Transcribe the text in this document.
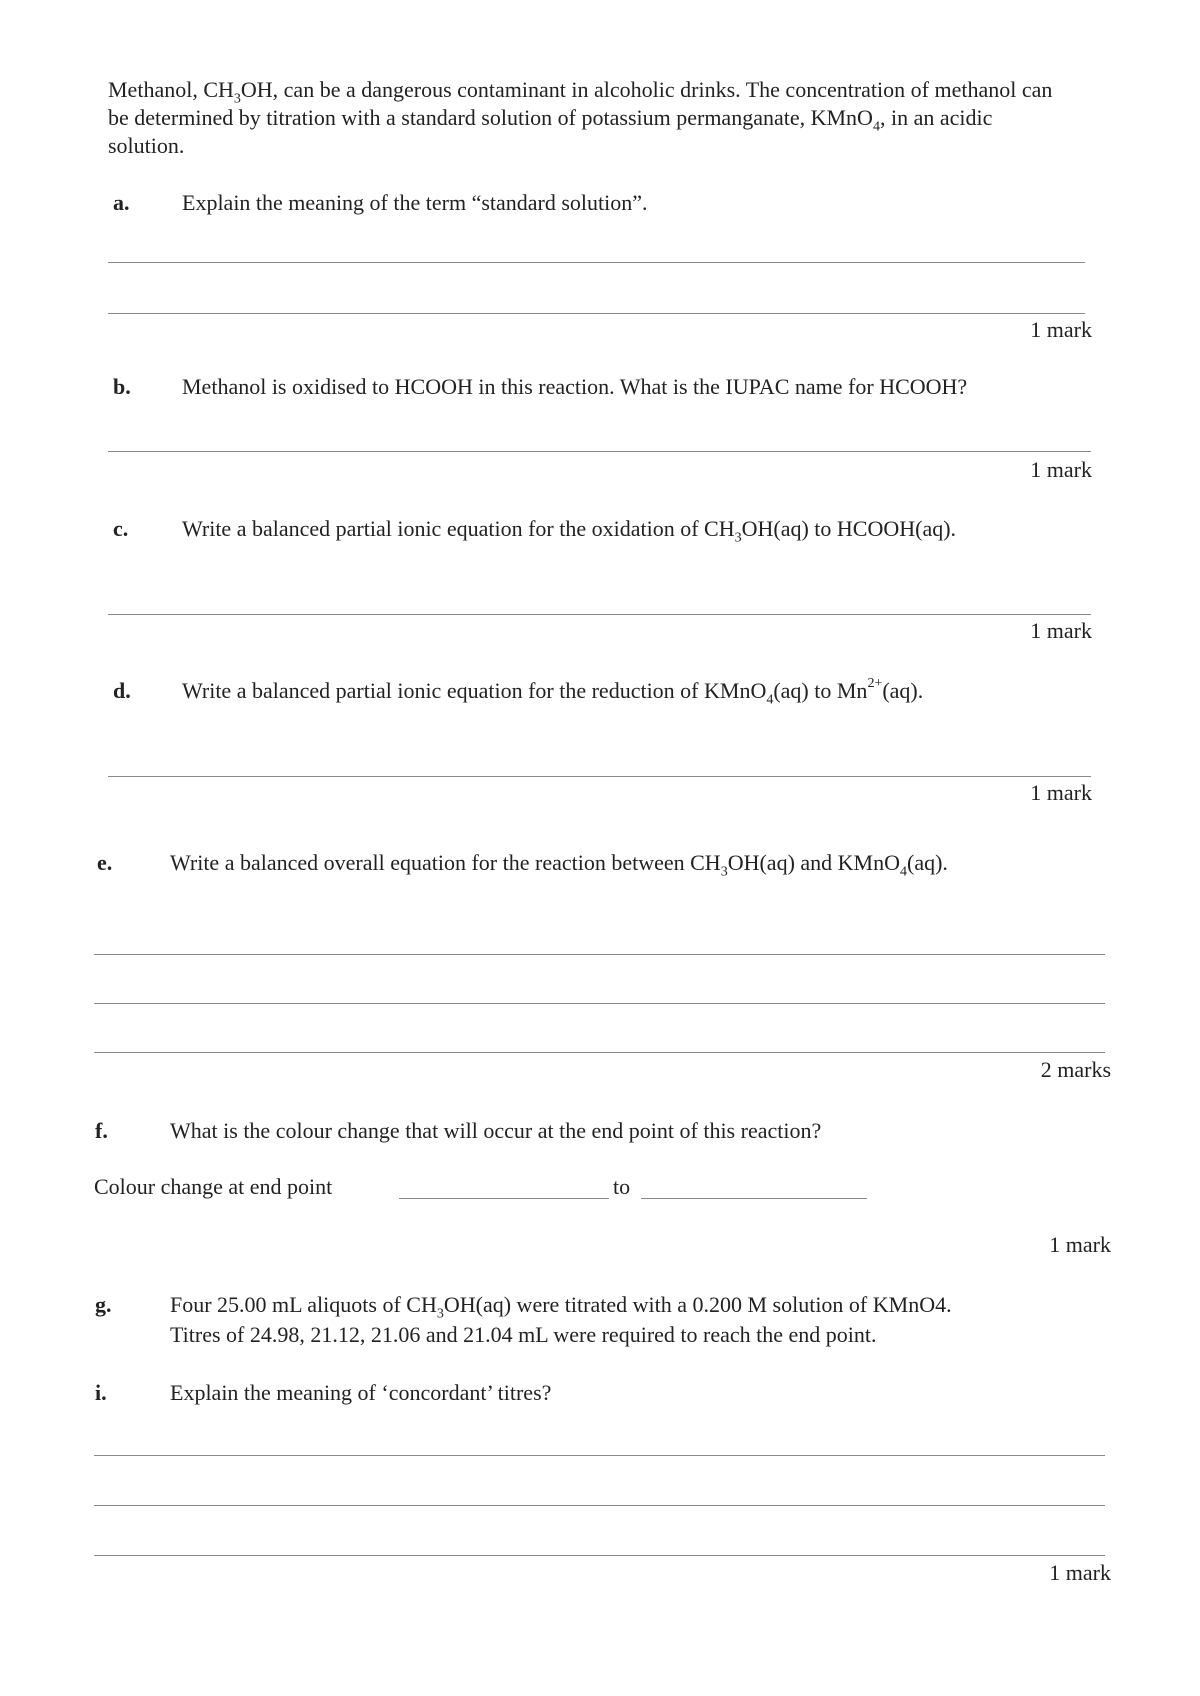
Methanol, $CH_3OH$, can be a dangerous contaminant in alcoholic drinks. The concentration of methanol can be determined by titration with a standard solution of potassium permanganate, KMnO$_4$, in an acidic solution.
a. Explain the meaning of the term “standard solution”.
1 mark
b. Methanol is oxidised to HCOOH in this reaction. What is the IUPAC name for HCOOH?
1 mark
c. Write a balanced partial ionic equation for the oxidation of $CH_3OH(aq)$ to HCOOH(aq).
1 mark
d. Write a balanced partial ionic equation for the reduction of KMnO$_4$(aq) to $Mn^{2+}(aq)$.
1 mark
e.	Write a balanced overall equation for the reaction between $CH_3OH(aq)$ and KMnO$_4$(aq).
2 marks
f.	What is the colour change that will occur at the end point of this reaction?
Colour change at end point	to
1 mark
g.	Four 25.00 mL aliquots of $CH_3OH(aq)$ were titrated with a 0.200 M solution of KMnO4.
Titres of 24.98, 21.12, 21.06 and 21.04 mL were required to reach the end point.
i.	Explain the meaning of ‘concordant’ titres?
1 mark
